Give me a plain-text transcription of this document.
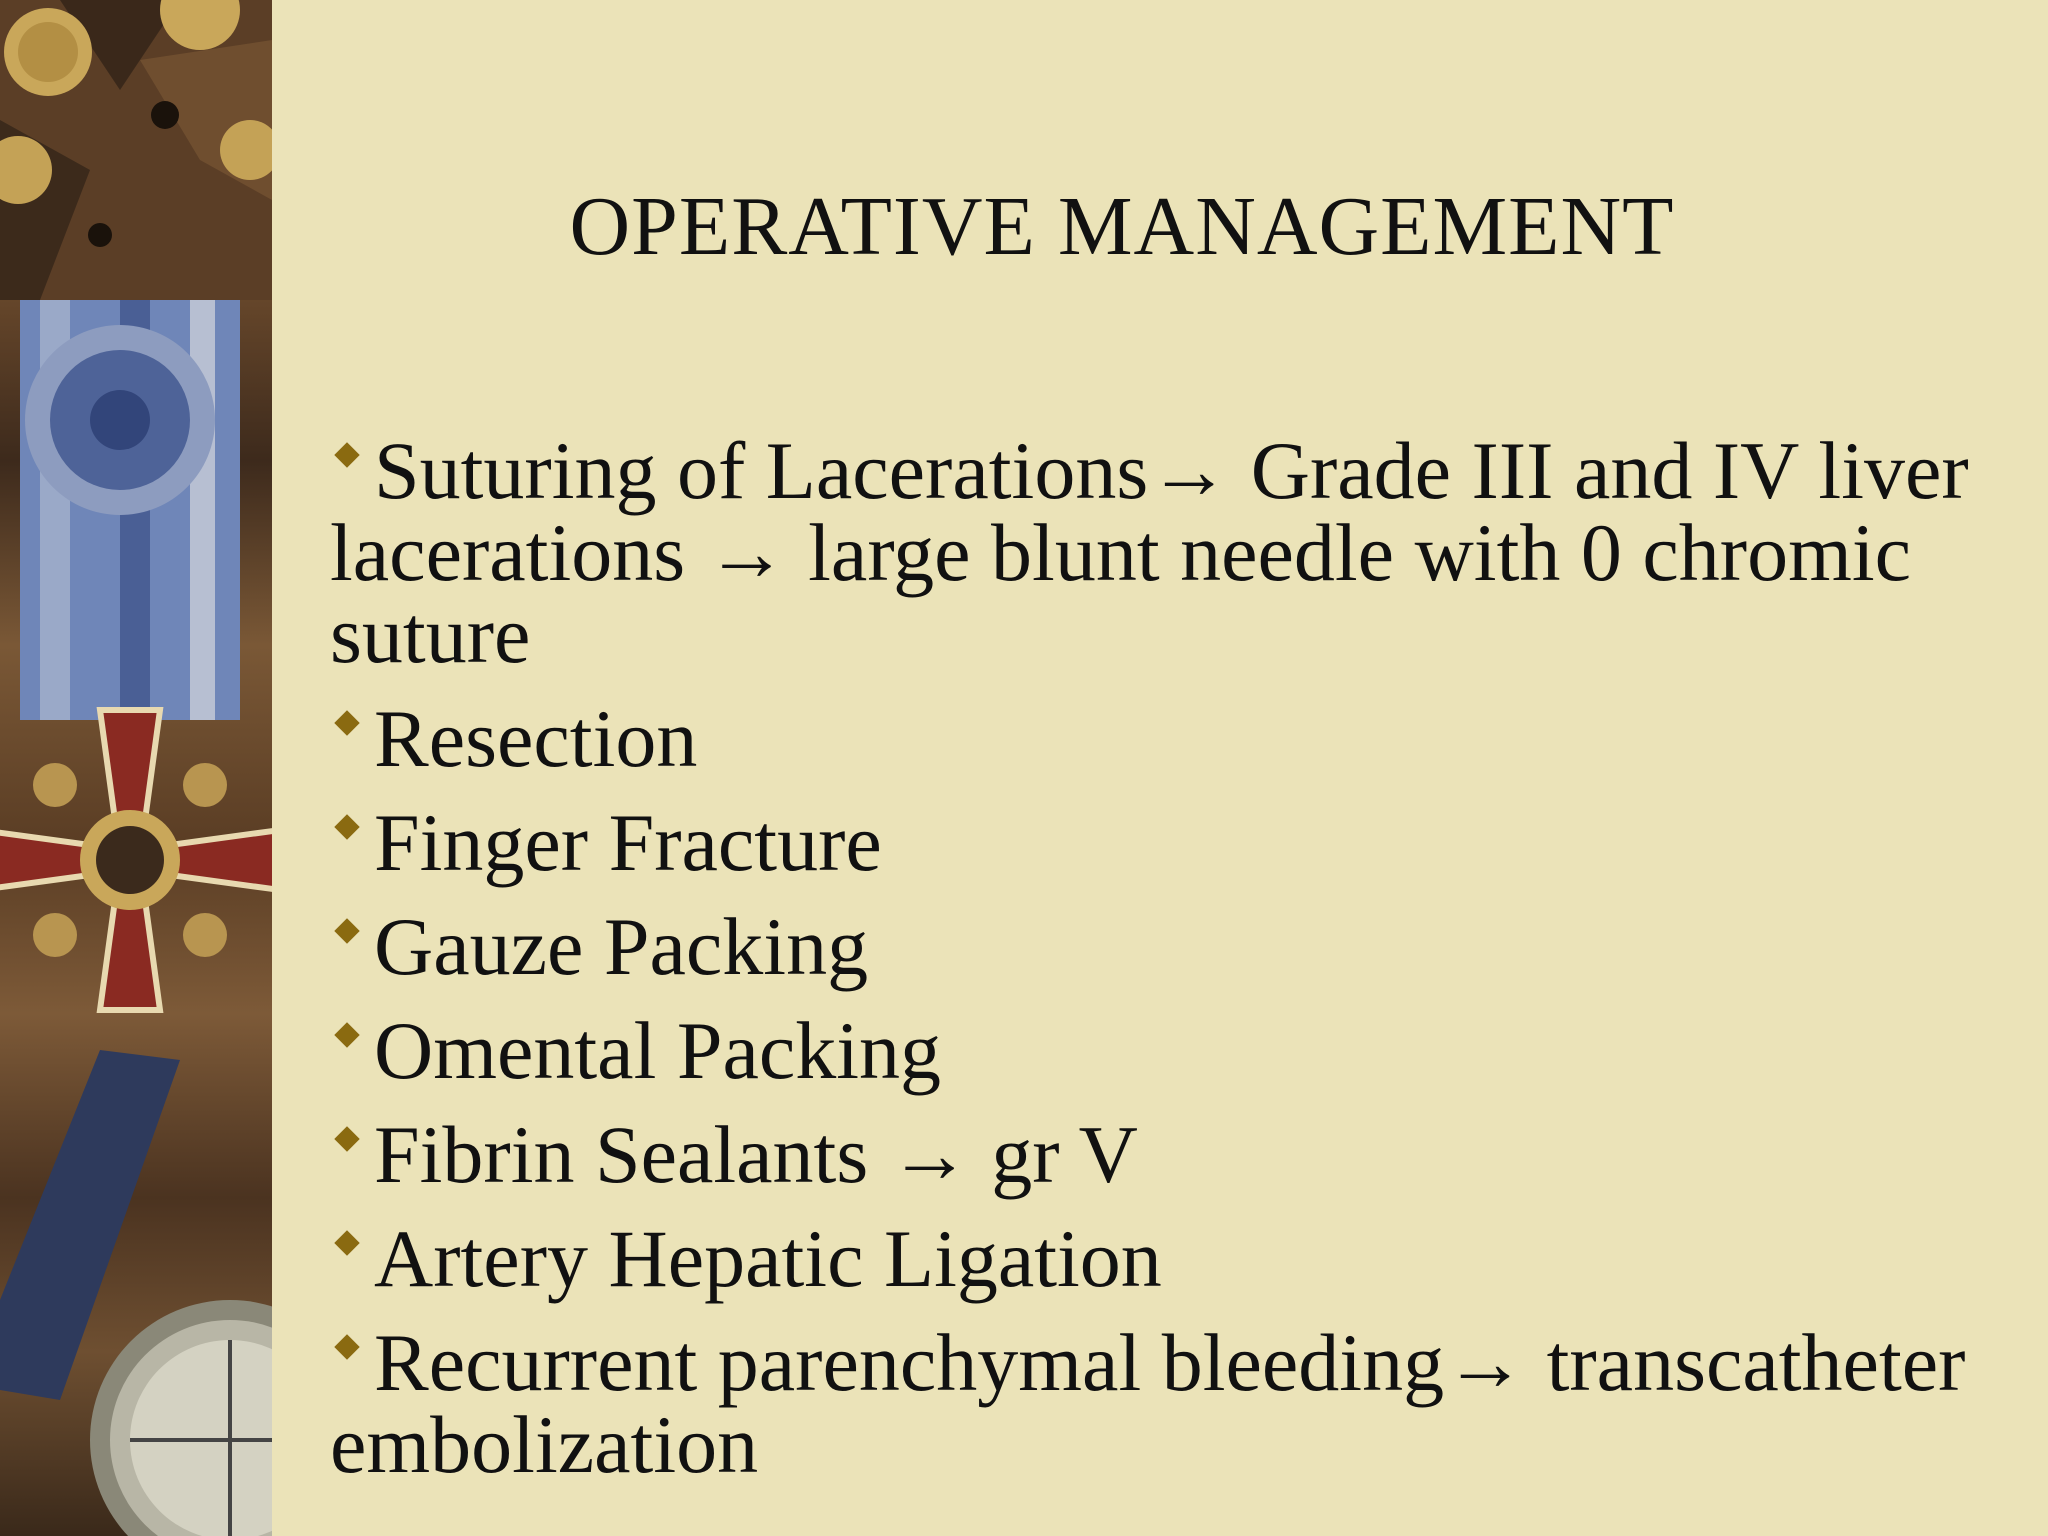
OPERATIVE MANAGEMENT
Suturing of Lacerations→ Grade III and IV liver lacerations → large blunt needle with 0 chromic suture
Resection
Finger Fracture
Gauze Packing
Omental Packing
Fibrin Sealants → gr V
Artery Hepatic Ligation
Recurrent parenchymal bleeding→ transcatheter embolization
